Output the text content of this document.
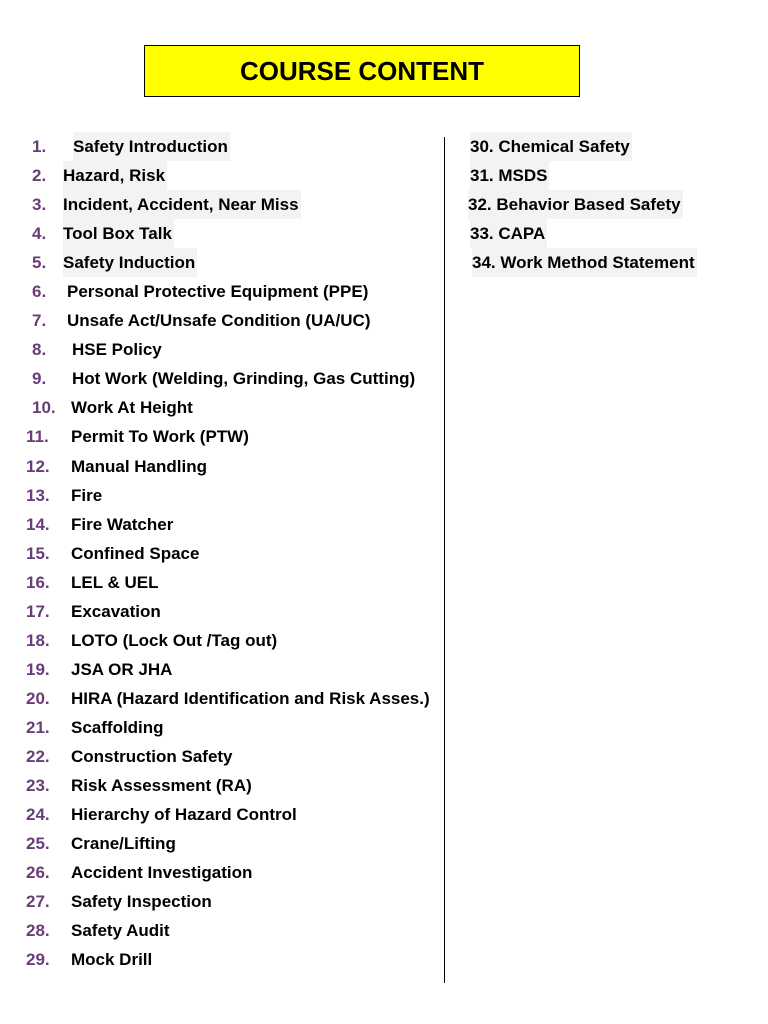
COURSE CONTENT
1. Safety Introduction
2. Hazard, Risk
3. Incident, Accident, Near Miss
4. Tool Box Talk
5. Safety Induction
6. Personal Protective Equipment (PPE)
7. Unsafe Act/Unsafe Condition (UA/UC)
8. HSE Policy
9. Hot Work (Welding, Grinding, Gas Cutting)
10. Work At Height
11. Permit To Work (PTW)
12. Manual Handling
13. Fire
14. Fire Watcher
15. Confined Space
16. LEL & UEL
17. Excavation
18. LOTO (Lock Out /Tag out)
19. JSA OR JHA
20. HIRA (Hazard Identification and Risk Asses.)
21. Scaffolding
22. Construction Safety
23. Risk Assessment (RA)
24. Hierarchy of Hazard Control
25. Crane/Lifting
26. Accident Investigation
27. Safety Inspection
28. Safety Audit
29. Mock Drill
30. Chemical Safety
31. MSDS
32. Behavior Based Safety
33. CAPA
34. Work Method Statement
